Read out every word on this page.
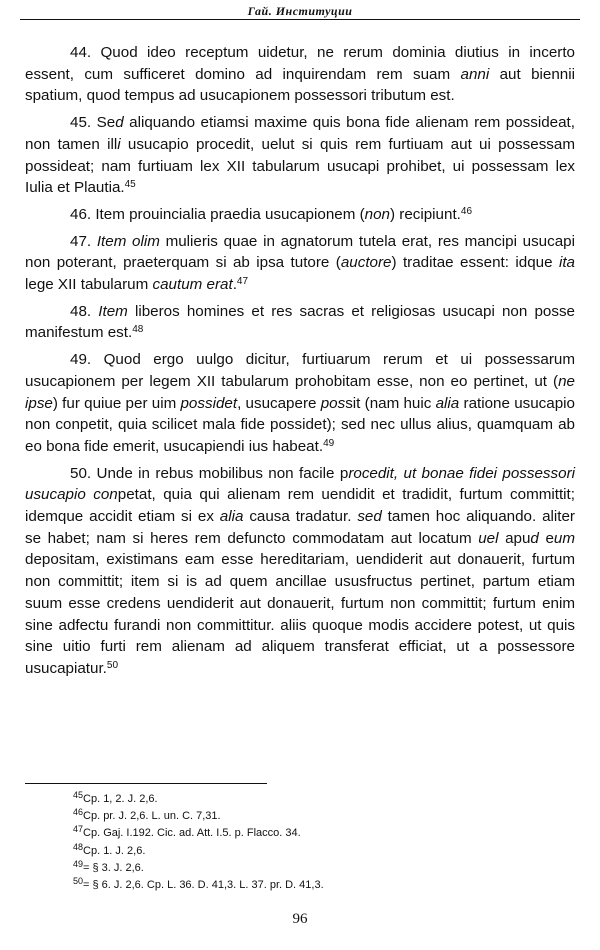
Гай. Институции

44. Quod ideo receptum uidetur, ne rerum dominia diutius in incerto essent, cum sufficeret domino ad inquirendam rem suam anni aut biennii spatium, quod tempus ad usucapionem possessori tributum est.

45. Sed aliquando etiamsi maxime quis bona fide alienam rem possideat, non tamen illi usucapio procedit, uelut si quis rem furtiuam aut ui possessam possideat; nam furtiuam lex XII tabularum usucapi prohibet, ui possessam lex Iulia et Plautia.$^{45}$

46. Item prouincialia praedia usucapionem (non) recipiunt.$^{46}$

47. Item olim mulieris quae in agnatorum tutela erat, res mancipi usucapi non poterant, praeterquam si ab ipsa tutore (auctore) traditae essent: idque ita lege XII tabularum cautum erat.$^{47}$

48. Item liberos homines et res sacras et religiosas usucapi non posse manifestum est.$^{48}$

49. Quod ergo uulgo dicitur, furtiuarum rerum et ui possessarum usucapionem per legem XII tabularum prohobitam esse, non eo pertinet, ut (ne ipse) fur quiue per uim possidet, usucapere possit (nam huic alia ratione usucapio non conpetit, quia scilicet mala fide possidet); sed nec ullus alius, quamquam ab eo bona fide emerit, usucapiendi ius habeat.$^{49}$

50. Unde in rebus mobilibus non facile procedit, ut bonae fidei possessori usucapio conpetat, quia qui alienam rem uendidit et tradidit, furtum committit; idemque accidit etiam si ex alia causa tradatur. sed tamen hoc aliquando. aliter se habet; nam si heres rem defuncto commodatam aut locatum uel apud eum depositam, existimans eam esse hereditariam, uendiderit aut donauerit, furtum non committit; item si is ad quem ancillae ususfructus pertinet, partum etiam suum esse credens uendiderit aut donauerit, furtum non committit; furtum enim sine adfectu furandi non committitur. aliis quoque modis accidere potest, ut quis sine uitio furti rem alienam ad aliquem transferat efficiat, ut a possessore usucapiatur.$^{50}$

$^{45}$Cp. 1, 2. J. 2,6.
$^{46}$Cp. pr. J. 2,6. L. un. C. 7,31.
$^{47}$Cp. Gaj. I.192. Cic. ad. Att. I.5. p. Flacco. 34.
$^{48}$Cp. 1. J. 2,6.
$^{49}$= § 3. J. 2,6.
$^{50}$= § 6. J. 2,6. Cp. L. 36. D. 41,3. L. 37. pr. D. 41,3.
96
